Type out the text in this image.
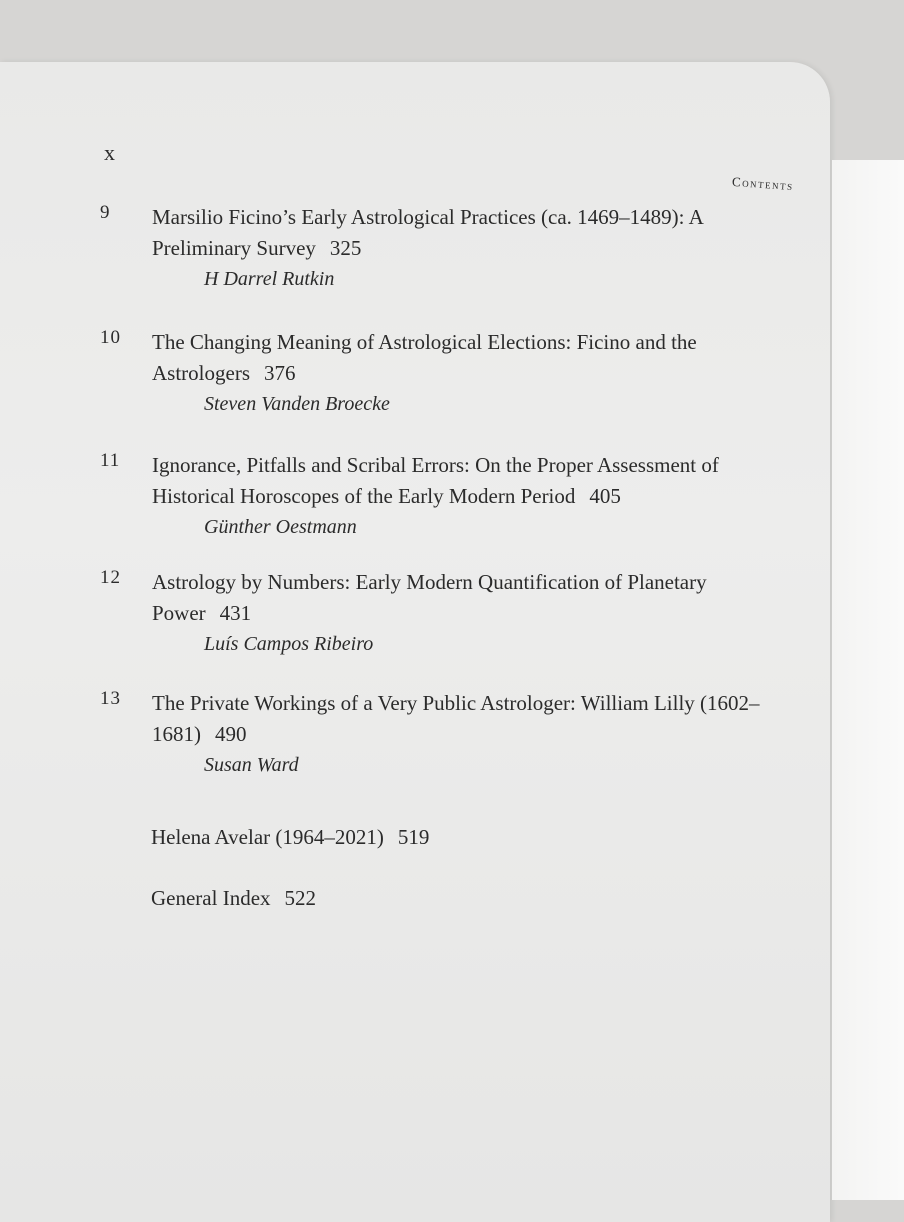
x
Contents
9	Marsilio Ficino’s Early Astrological Practices (ca. 1469–1489): A Preliminary Survey 325
H Darrel Rutkin
10	The Changing Meaning of Astrological Elections: Ficino and the Astrologers 376
Steven Vanden Broecke
11	Ignorance, Pitfalls and Scribal Errors: On the Proper Assessment of Historical Horoscopes of the Early Modern Period 405
Günther Oestmann
12	Astrology by Numbers: Early Modern Quantification of Planetary Power 431
Luís Campos Ribeiro
13	The Private Workings of a Very Public Astrologer: William Lilly (1602–1681) 490
Susan Ward
Helena Avelar (1964–2021) 519
General Index 522
